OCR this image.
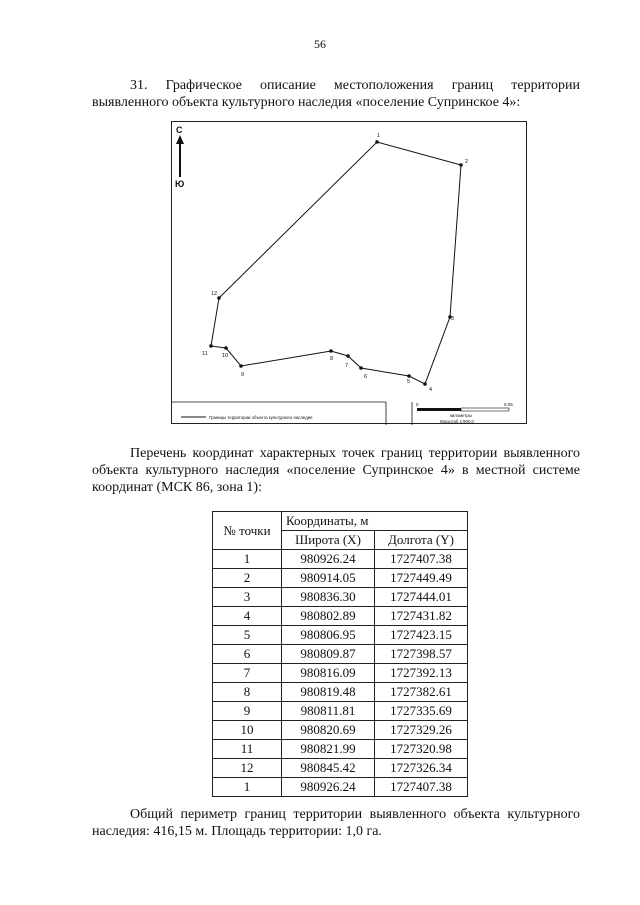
56

31. Графическое описание местоположения границ территории выявленного объекта культурного наследия «поселение Супринское 4»:

1
2
3
4
5
6
7
8
9
10
11
12
С
Ю
Границы территории объекта культурного наследия
0	0.05
километры
Масштаб 1:900.0

Перечень координат характерных точек границ территории выявленного объекта культурного наследия «поселение Супринское 4» в местной системе координат (МСК 86, зона 1):

№ точки	Координаты, м	
	Широта (X)	Долгота (Y)
1	980926.24	1727407.38
2	980914.05	1727449.49
3	980836.30	1727444.01
4	980802.89	1727431.82
5	980806.95	1727423.15
6	980809.87	1727398.57
7	980816.09	1727392.13
8	980819.48	1727382.61
9	980811.81	1727335.69
10	980820.69	1727329.26
11	980821.99	1727320.98
12	980845.42	1727326.34
1	980926.24	1727407.38

Общий периметр границ территории выявленного объекта культурного наследия: 416,15 м. Площадь территории: 1,0 га.
